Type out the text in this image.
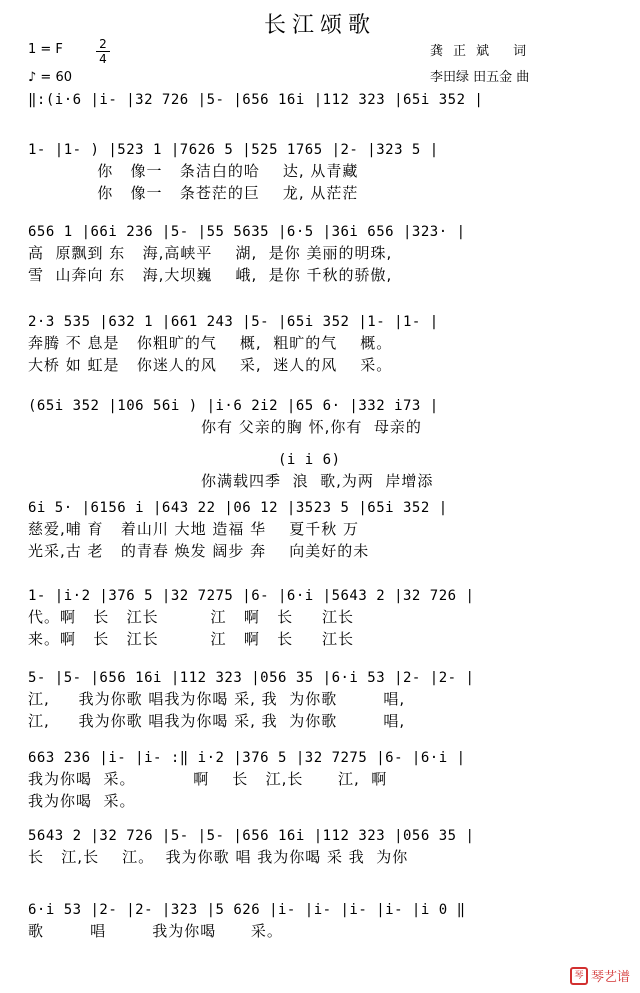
长江颂歌
1 = F	2
4
♪ = 60
龚正斌 词
李田绿 田五金 曲
‖:(i·6 |i- |32 726 |5- |656 16i |112 323 |65i 352 |
1- |1- ) |523 1 |7626 5 |525 1765 |2- |323 5 |
你   像一   条洁白的哈    达, 从青藏
你   像一   条苍茫的巨    龙, 从茫茫
656 1 |66i 236 |5- |55 5635 |6·5 |36i 656 |323· |
高  原飘到 东   海,高峡平    湖,  是你 美丽的明珠,
雪  山奔向 东   海,大坝巍    峨,  是你 千秋的骄傲,
2·3 535 |632 1 |661 243 |5- |65i 352 |1- |1- |
奔腾 不 息是   你粗旷的气    概,  粗旷的气    概。
大桥 如 虹是   你迷人的风    采,  迷人的风    采。
(65i 352 |106 56i ) |i·6 2i2 |65 6· |332 i73 |
你有 父亲的胸 怀,你有  母亲的
(i i 6)
你满载四季  浪  歌,为两  岸增添
6i 5· |6156 i |643 22 |06 12 |3523 5 |65i 352 |
慈爱,哺 育   着山川 大地 造福 华    夏千秋 万
光采,古 老   的青春 焕发 阔步 奔    向美好的未
1- |i·2 |376 5 |32 7275 |6- |6·i |5643 2 |32 726 |
代。啊   长   江长         江   啊   长     江长
来。啊   长   江长         江   啊   长     江长
5- |5- |656 16i |112 323 |056 35 |6·i 53 |2- |2- |
江,     我为你歌 唱我为你喝 采, 我  为你歌        唱,
江,     我为你歌 唱我为你喝 采, 我  为你歌        唱,
663 236 |i- |i- :‖ i·2 |376 5 |32 7275 |6- |6·i |
我为你喝  采。          啊    长   江,长      江,  啊
我为你喝  采。
5643 2 |32 726 |5- |5- |656 16i |112 323 |056 35 |
长   江,长    江。  我为你歌 唱 我为你喝 采 我  为你
6·i 53 |2- |2- |323 |5 626 |i- |i- |i- |i- |i 0 ‖
歌        唱        我为你喝      采。
琴 琴艺谱
